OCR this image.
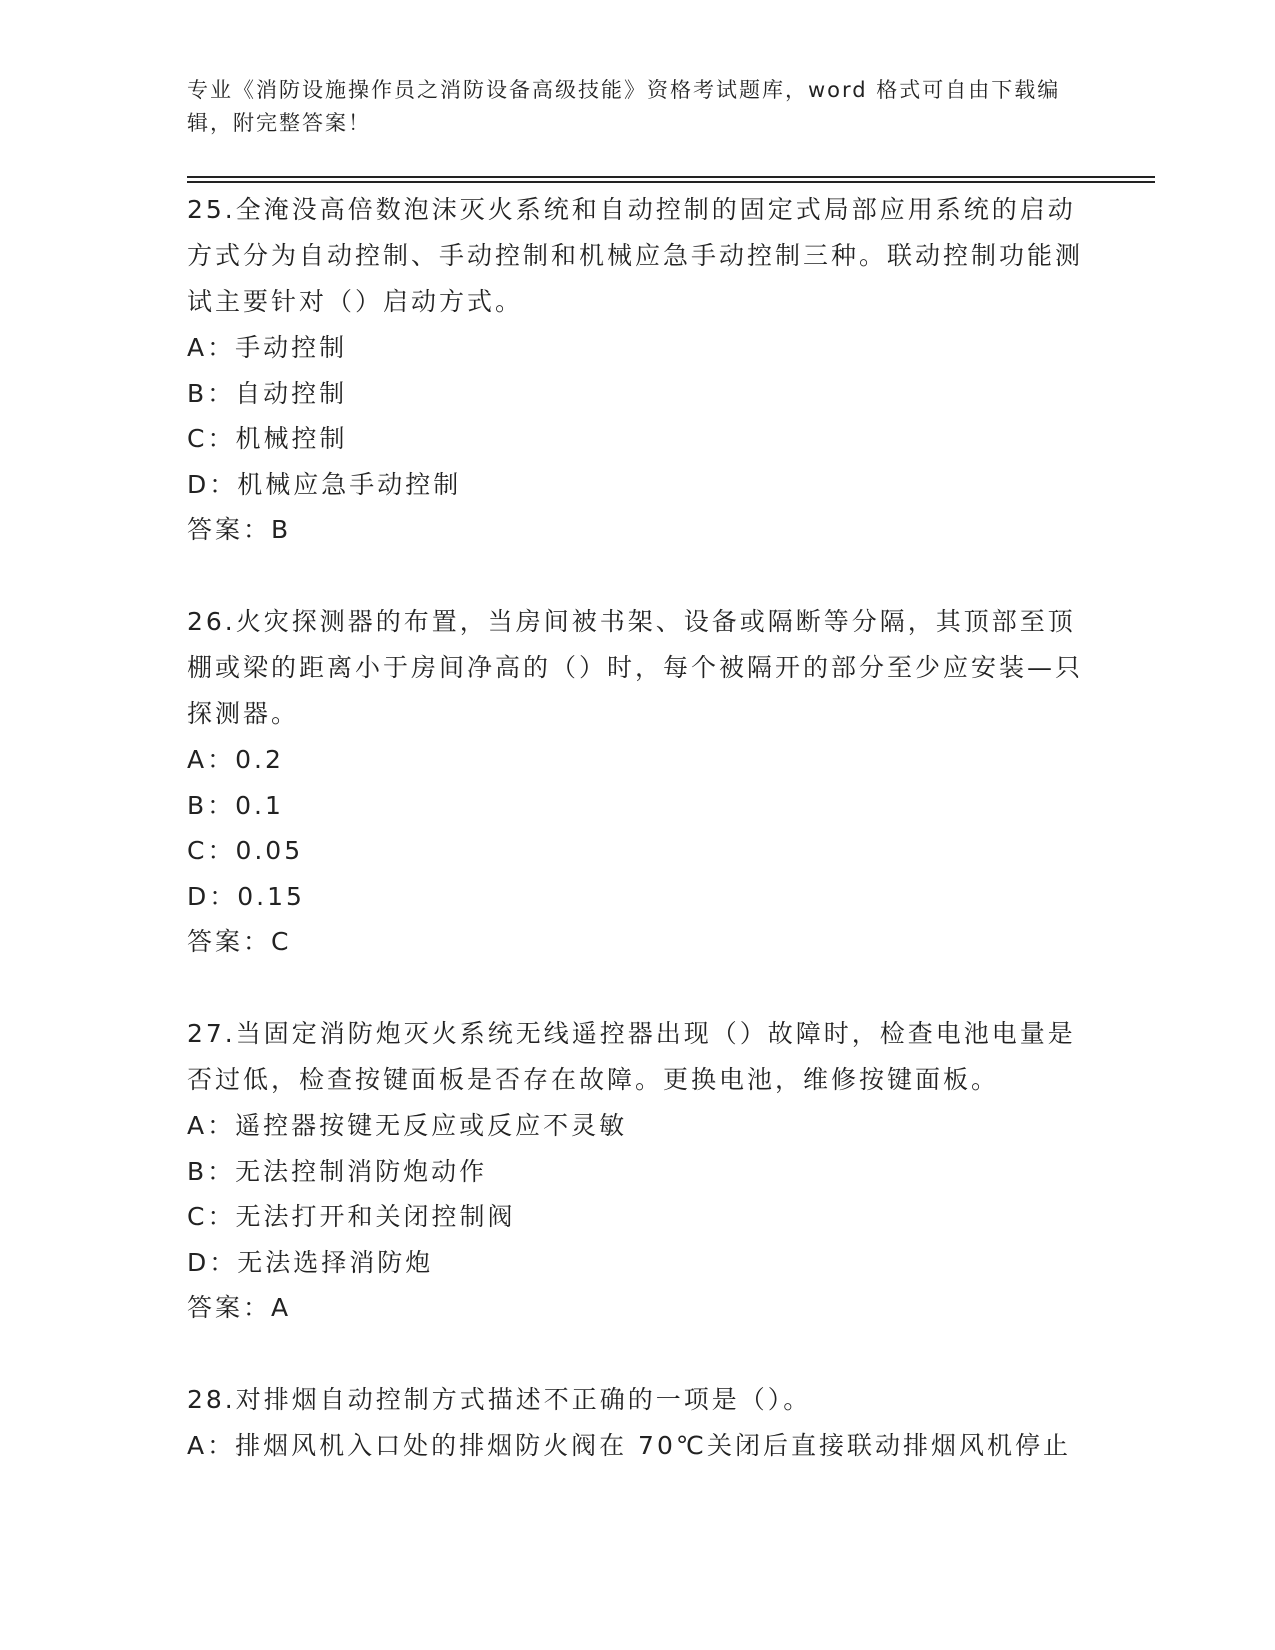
专业《消防设施操作员之消防设备高级技能》资格考试题库，word 格式可自由下载编辑，附完整答案！
25.全淹没高倍数泡沫灭火系统和自动控制的固定式局部应用系统的启动方式分为自动控制、手动控制和机械应急手动控制三种。联动控制功能测试主要针对（）启动方式。
A：手动控制
B：自动控制
C：机械控制
D：机械应急手动控制
答案：B
26.火灾探测器的布置，当房间被书架、设备或隔断等分隔，其顶部至顶棚或梁的距离小于房间净高的（）时，每个被隔开的部分至少应安装—只探测器。
A：0.2
B：0.1
C：0.05
D：0.15
答案：C
27.当固定消防炮灭火系统无线遥控器出现（）故障时，检查电池电量是否过低，检查按键面板是否存在故障。更换电池，维修按键面板。
A：遥控器按键无反应或反应不灵敏
B：无法控制消防炮动作
C：无法打开和关闭控制阀
D：无法选择消防炮
答案：A
28.对排烟自动控制方式描述不正确的一项是（）。
A：排烟风机入口处的排烟防火阀在 70℃关闭后直接联动排烟风机停止
